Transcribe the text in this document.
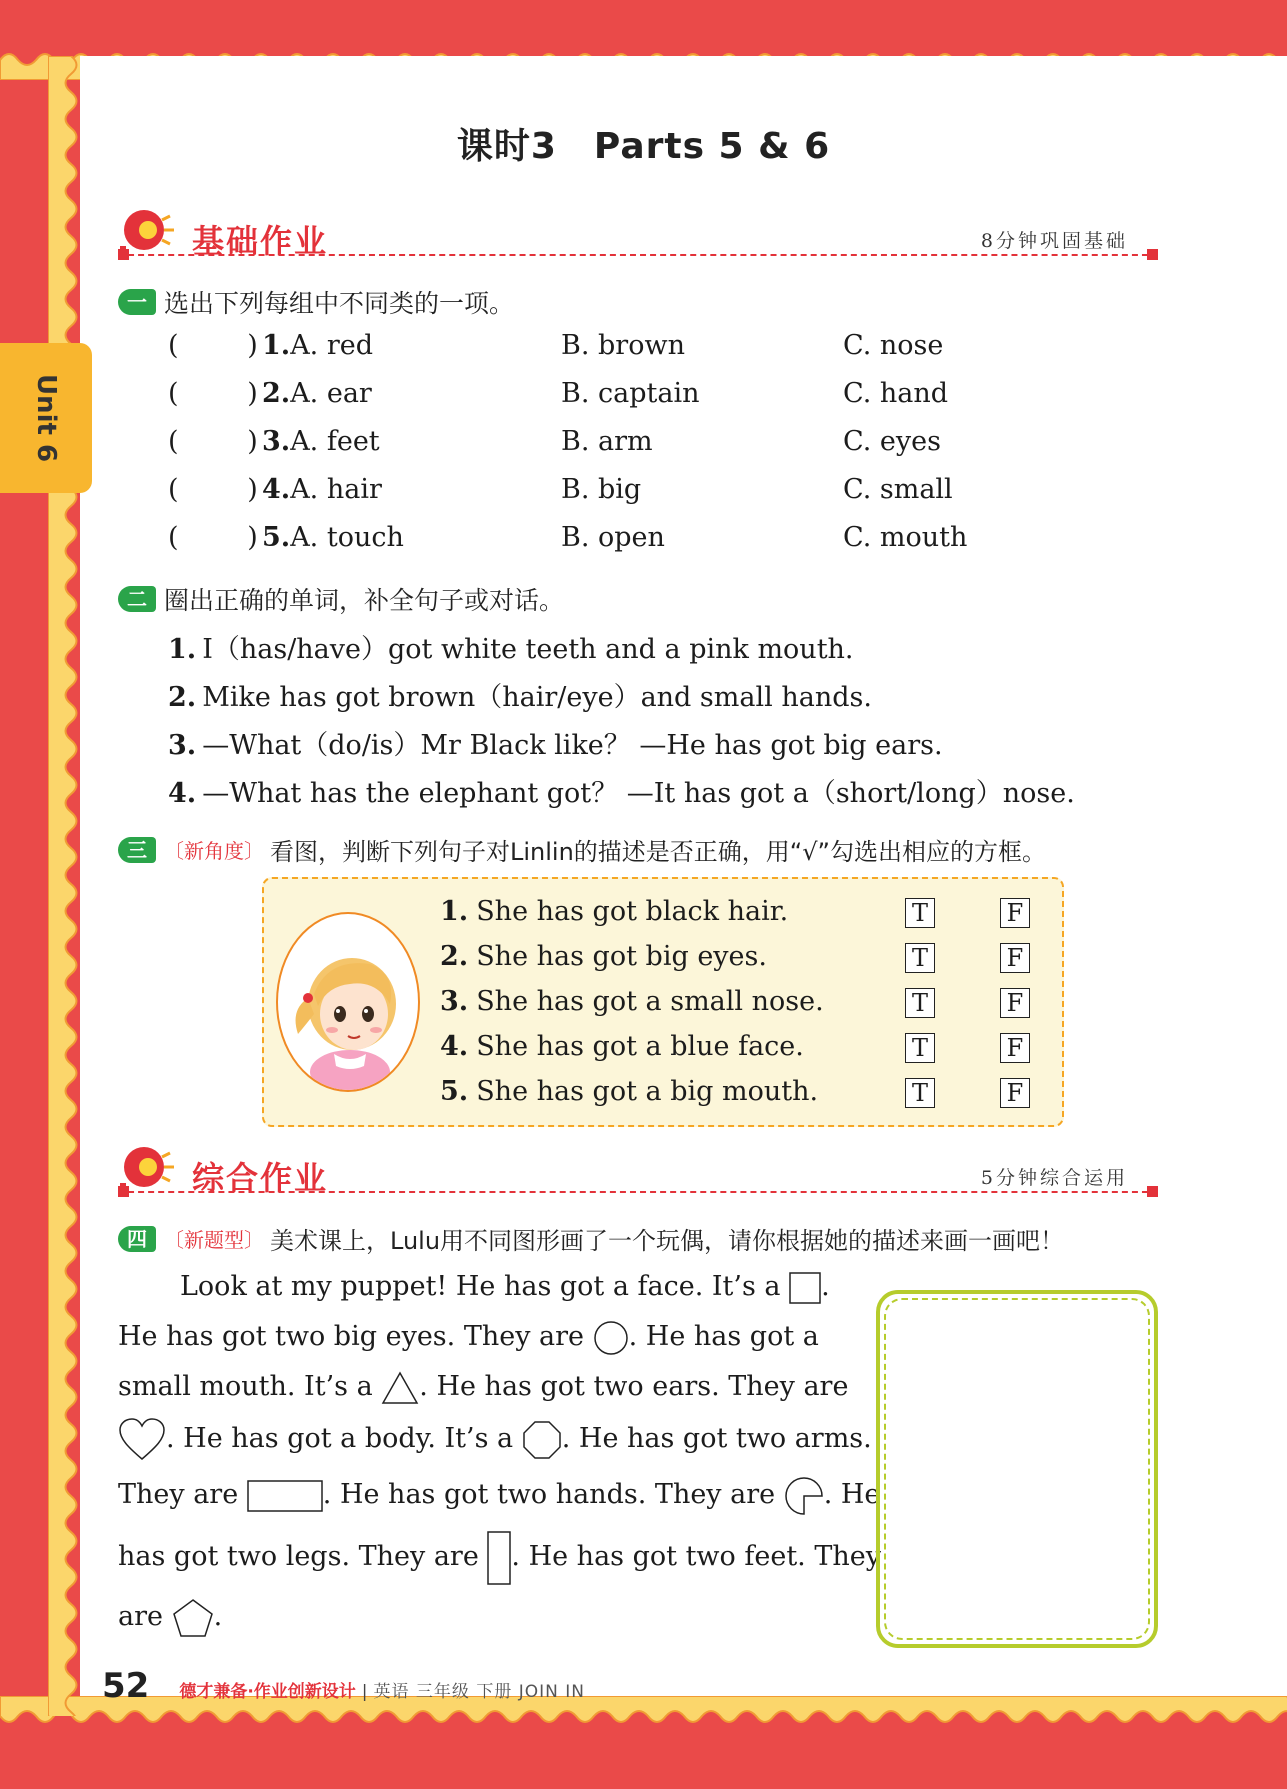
Unit 6
课时3　Parts 5 & 6
基础作业	8分钟巩固基础
一 选出下列每组中不同类的一项。
(        ) 1.A. red	B. brown	C. nose
(        ) 2.A. ear	B. captain	C. hand
(        ) 3.A. feet	B. arm	C. eyes
(        ) 4.A. hair	B. big	C. small
(        ) 5.A. touch	B. open	C. mouth
二 圈出正确的单词，补全句子或对话。
1. I（has/have）got white teeth and a pink mouth.
2. Mike has got brown（hair/eye）and small hands.
3. —What（do/is）Mr Black like？ —He has got big ears.
4. —What has the elephant got？ —It has got a（short/long）nose.
三 〔新角度〕 看图，判断下列句子对Linlin的描述是否正确，用“√”勾选出相应的方框。
1. She has got black hair.	T	F
2. She has got big eyes.	T	F
3. She has got a small nose.	T	F
4. She has got a blue face.	T	F
5. She has got a big mouth.	T	F
综合作业	5分钟综合运用
四 〔新题型〕 美术课上，Lulu用不同图形画了一个玩偶，请你根据她的描述来画一画吧！
Look at my puppet! He has got a face. It’s a .
He has got two big eyes. They are . He has got a
small mouth. It’s a . He has got two ears. They are
. He has got a body. It’s a . He has got two arms.
They are	. He has got two hands. They are . He
has got two legs. They are . He has got two feet. They
are .
52 德才兼备·作业创新设计 | 英语 三年级 下册 JOIN IN
